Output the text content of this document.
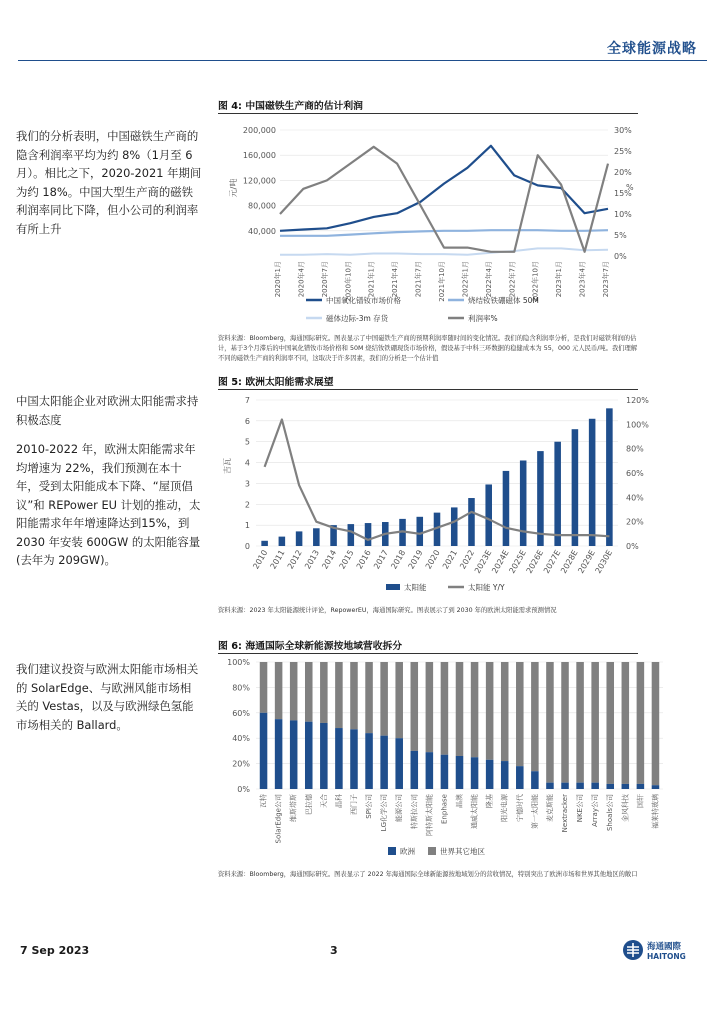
全球能源战略

我们的分析表明，中国磁铁生产商的隐含利润率平均为约 8%（1月至 6 月）。相比之下，2020-2021 年期间为约 18%。中国大型生产商的磁铁利润率同比下降，但小公司的利润率有所上升

中国太阳能企业对欧洲太阳能需求持积极态度

2010-2022 年，欧洲太阳能需求年均增速为 22%，我们预测在本十年，受到太阳能成本下降、“屋顶倡议”和 REPower EU 计划的推动，太阳能需求年年增速降达到15%，到 2030 年安装 600GW 的太阳能容量(去年为 209GW)。

我们建议投资与欧洲太阳能市场相关的 SolarEdge、与欧洲风能市场相关的 Vestas，以及与欧洲绿色氢能市场相关的 Ballard。

图 4: 中国磁铁生产商的估计利润
40,000
80,000
120,000
160,000
200,000
0%
5%
10%
15%
20%
25%
30%
2020年1月 2020年4月 2020年7月 2020年10月 2021年1月 2021年4月 2021年7月 2021年10月 2022年1月 2022年4月 2022年7月 2022年10月 2023年1月 2023年4月 2023年7月
元/吨	%
中国氧化镨钕市场价格	烧结钕铁硼磁体 50M
磁体边际-3m 存货	利润率%
资料来源：Bloomberg，海通国际研究。图表显示了中国磁铁生产商的预期利润率随时间的变化情况。我们的隐含利润率分析，是我们对磁铁利润的估计，基于3个月滞后的中国氧化镨钕市场价格和 50M 烧结钕铁硼现货市场价格，假设基于中科三环数据的稳健成本为 55，000 元人民币/吨。我们理解不同的磁铁生产商的利润率不同，这取决于许多因素，我们的分析是一个估计值
图 5: 欧洲太阳能需求展望
0
1
2
3
4
5
6
7
0%
20%
40%
60%
80%
100%
120%
2010 2011 2012 2013 2014 2015 2016 2017 2018 2019 2020 2021 2022
2023E
2024E
2025E
2026E
2027E
2028E
2029E
2030E
吉瓦
太阳能	太阳能 Y/Y
资料来源：2023 年太阳能源统计评论，RepowerEU，海通国际研究。图表展示了到 2030 年的欧洲太阳能需求预测情况
图 6: 海通国际全球新能源按地域营收拆分
0%
20%
40%
60%
80%
100%
瓦特 SolarEdge公司 维斯塔斯 巴拉德 天合 晶科 西门子 SPI公司 LG化学公司 能源公司 特斯拉公司 阿特斯太阳能 Enphase 晶澳 通威太阳能 隆基 阳光电源 宁德时代 第一太阳能 麦克斯能 Nextracker NKE公司 Array公司 Shoals公司 金风科技 国轩 福莱特玻璃
欧洲	世界其它地区
资料来源：Bloomberg，海通国际研究。图表显示了 2022 年海通国际全球新能源按地域划分的营收情况，特别突出了欧洲市场和世界其他地区的敞口
7 Sep 2023	3	海通國際
HAITONG
